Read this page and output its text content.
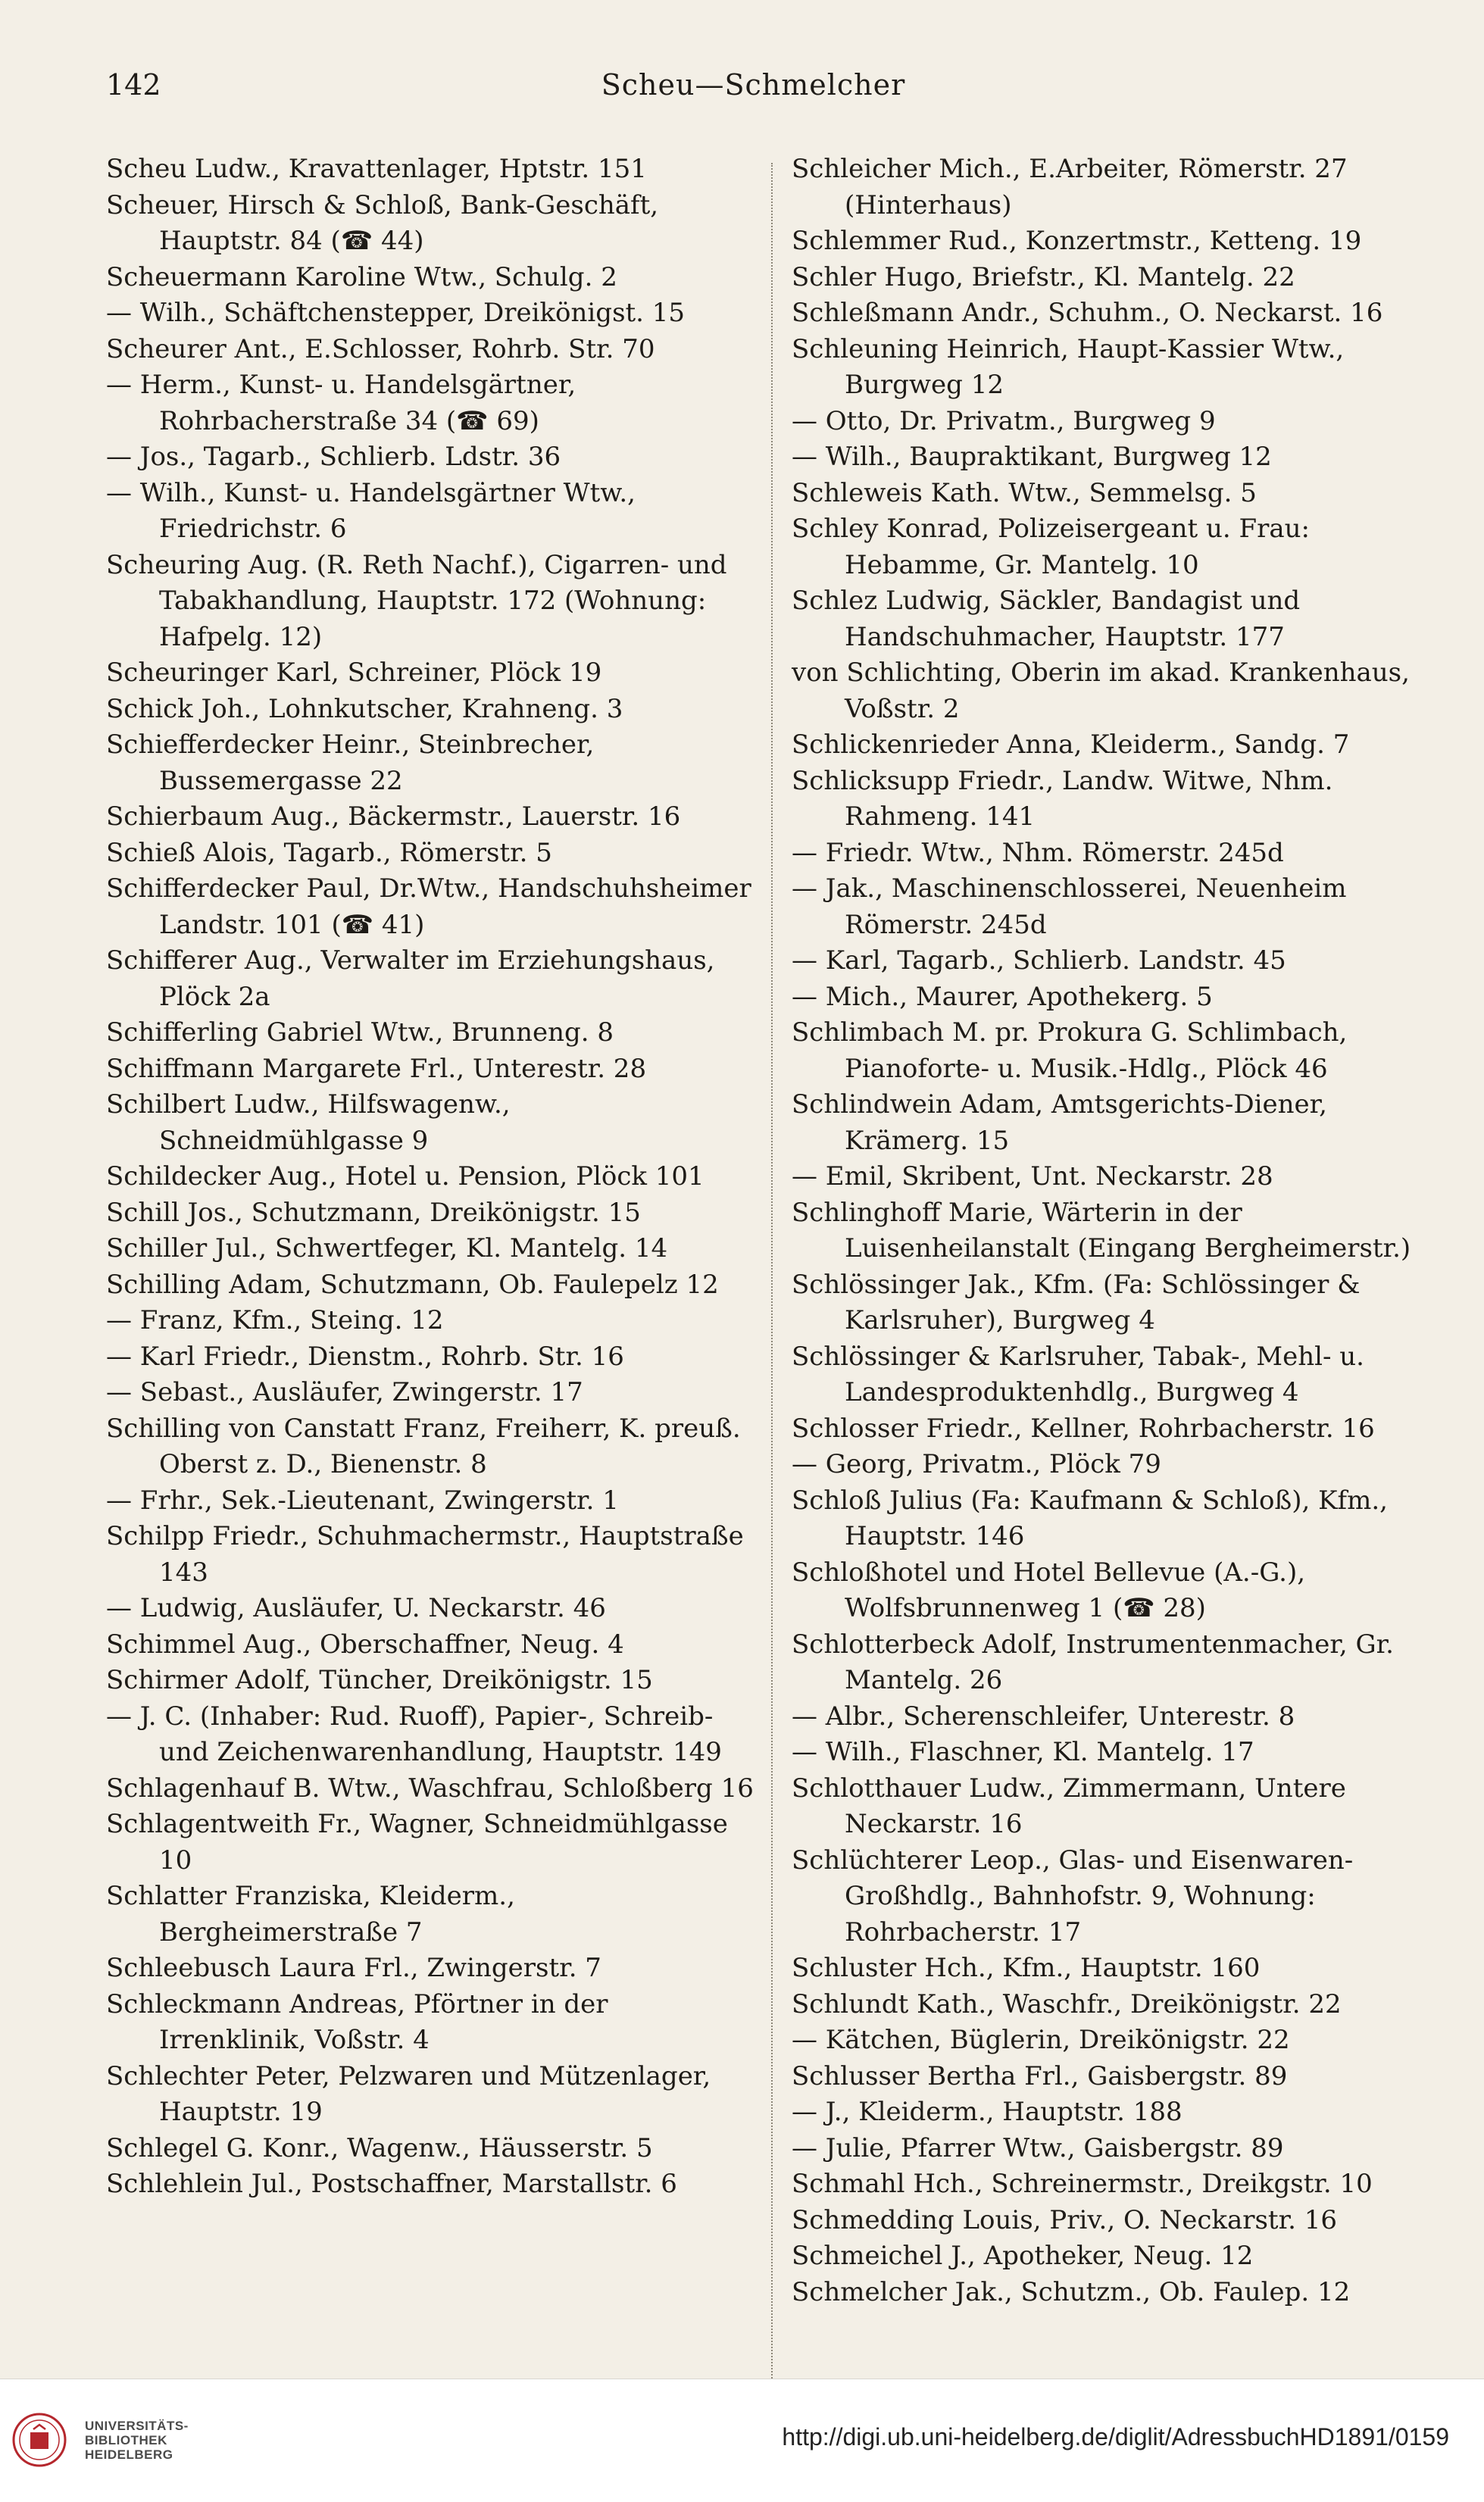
142	Scheu—Schmelcher

Scheu Ludw., Kravattenlager, Hptstr. 151

Scheuer, Hirsch & Schloß, Bank-Geschäft, Hauptstr. 84 (☎ 44)

Scheuermann Karoline Wtw., Schulg. 2

— Wilh., Schäftchenstepper, Dreikönigst. 15

Scheurer Ant., E.Schlosser, Rohrb. Str. 70

— Herm., Kunst- u. Handelsgärtner, Rohrbacherstraße 34 (☎ 69)

— Jos., Tagarb., Schlierb. Ldstr. 36

— Wilh., Kunst- u. Handelsgärtner Wtw., Friedrichstr. 6

Scheuring Aug. (R. Reth Nachf.), Cigarren- und Tabakhandlung, Hauptstr. 172 (Wohnung: Hafpelg. 12)

Scheuringer Karl, Schreiner, Plöck 19

Schick Joh., Lohnkutscher, Krahneng. 3

Schiefferdecker Heinr., Steinbrecher, Bussemergasse 22

Schierbaum Aug., Bäckermstr., Lauerstr. 16

Schieß Alois, Tagarb., Römerstr. 5

Schifferdecker Paul, Dr.Wtw., Handschuhsheimer Landstr. 101 (☎ 41)

Schifferer Aug., Verwalter im Erziehungshaus, Plöck 2a

Schifferling Gabriel Wtw., Brunneng. 8

Schiffmann Margarete Frl., Unterestr. 28

Schilbert Ludw., Hilfswagenw., Schneidmühlgasse 9

Schildecker Aug., Hotel u. Pension, Plöck 101

Schill Jos., Schutzmann, Dreikönigstr. 15

Schiller Jul., Schwertfeger, Kl. Mantelg. 14

Schilling Adam, Schutzmann, Ob. Faulepelz 12

— Franz, Kfm., Steing. 12

— Karl Friedr., Dienstm., Rohrb. Str. 16

— Sebast., Ausläufer, Zwingerstr. 17

Schilling von Canstatt Franz, Freiherr, K. preuß. Oberst z. D., Bienenstr. 8

— Frhr., Sek.-Lieutenant, Zwingerstr. 1

Schilpp Friedr., Schuhmachermstr., Hauptstraße 143

— Ludwig, Ausläufer, U. Neckarstr. 46

Schimmel Aug., Oberschaffner, Neug. 4

Schirmer Adolf, Tüncher, Dreikönigstr. 15

— J. C. (Inhaber: Rud. Ruoff), Papier-, Schreib- und Zeichenwarenhandlung, Hauptstr. 149

Schlagenhauf B. Wtw., Waschfrau, Schloßberg 16

Schlagentweith Fr., Wagner, Schneidmühlgasse 10

Schlatter Franziska, Kleiderm., Bergheimerstraße 7

Schleebusch Laura Frl., Zwingerstr. 7

Schleckmann Andreas, Pförtner in der Irrenklinik, Voßstr. 4

Schlechter Peter, Pelzwaren und Mützenlager, Hauptstr. 19

Schlegel G. Konr., Wagenw., Häusserstr. 5

Schlehlein Jul., Postschaffner, Marstallstr. 6

Schleicher Mich., E.Arbeiter, Römerstr. 27 (Hinterhaus)

Schlemmer Rud., Konzertmstr., Ketteng. 19

Schler Hugo, Briefstr., Kl. Mantelg. 22

Schleßmann Andr., Schuhm., O. Neckarst. 16

Schleuning Heinrich, Haupt-Kassier Wtw., Burgweg 12

— Otto, Dr. Privatm., Burgweg 9

— Wilh., Baupraktikant, Burgweg 12

Schleweis Kath. Wtw., Semmelsg. 5

Schley Konrad, Polizeisergeant u. Frau: Hebamme, Gr. Mantelg. 10

Schlez Ludwig, Säckler, Bandagist und Handschuhmacher, Hauptstr. 177

von Schlichting, Oberin im akad. Krankenhaus, Voßstr. 2

Schlickenrieder Anna, Kleiderm., Sandg. 7

Schlicksupp Friedr., Landw. Witwe, Nhm. Rahmeng. 141

— Friedr. Wtw., Nhm. Römerstr. 245d

— Jak., Maschinenschlosserei, Neuenheim Römerstr. 245d

— Karl, Tagarb., Schlierb. Landstr. 45

— Mich., Maurer, Apothekerg. 5

Schlimbach M. pr. Prokura G. Schlimbach, Pianoforte- u. Musik.-Hdlg., Plöck 46

Schlindwein Adam, Amtsgerichts-Diener, Krämerg. 15

— Emil, Skribent, Unt. Neckarstr. 28

Schlinghoff Marie, Wärterin in der Luisenheilanstalt (Eingang Bergheimerstr.)

Schlössinger Jak., Kfm. (Fa: Schlössinger & Karlsruher), Burgweg 4

Schlössinger & Karlsruher, Tabak-, Mehl- u. Landesproduktenhdlg., Burgweg 4

Schlosser Friedr., Kellner, Rohrbacherstr. 16

— Georg, Privatm., Plöck 79

Schloß Julius (Fa: Kaufmann & Schloß), Kfm., Hauptstr. 146

Schloßhotel und Hotel Bellevue (A.-G.), Wolfsbrunnenweg 1 (☎ 28)

Schlotterbeck Adolf, Instrumentenmacher, Gr. Mantelg. 26

— Albr., Scherenschleifer, Unterestr. 8

— Wilh., Flaschner, Kl. Mantelg. 17

Schlotthauer Ludw., Zimmermann, Untere Neckarstr. 16

Schlüchterer Leop., Glas- und Eisenwaren-Großhdlg., Bahnhofstr. 9, Wohnung: Rohrbacherstr. 17

Schluster Hch., Kfm., Hauptstr. 160

Schlundt Kath., Waschfr., Dreikönigstr. 22

— Kätchen, Büglerin, Dreikönigstr. 22

Schlusser Bertha Frl., Gaisbergstr. 89

— J., Kleiderm., Hauptstr. 188

— Julie, Pfarrer Wtw., Gaisbergstr. 89

Schmahl Hch., Schreinermstr., Dreikgstr. 10

Schmedding Louis, Priv., O. Neckarstr. 16

Schmeichel J., Apotheker, Neug. 12

Schmelcher Jak., Schutzm., Ob. Faulep. 12

UNIVERSITÄTS-
BIBLIOTHEK
HEIDELBERG
http://digi.ub.uni-heidelberg.de/diglit/AdressbuchHD1891/0159
